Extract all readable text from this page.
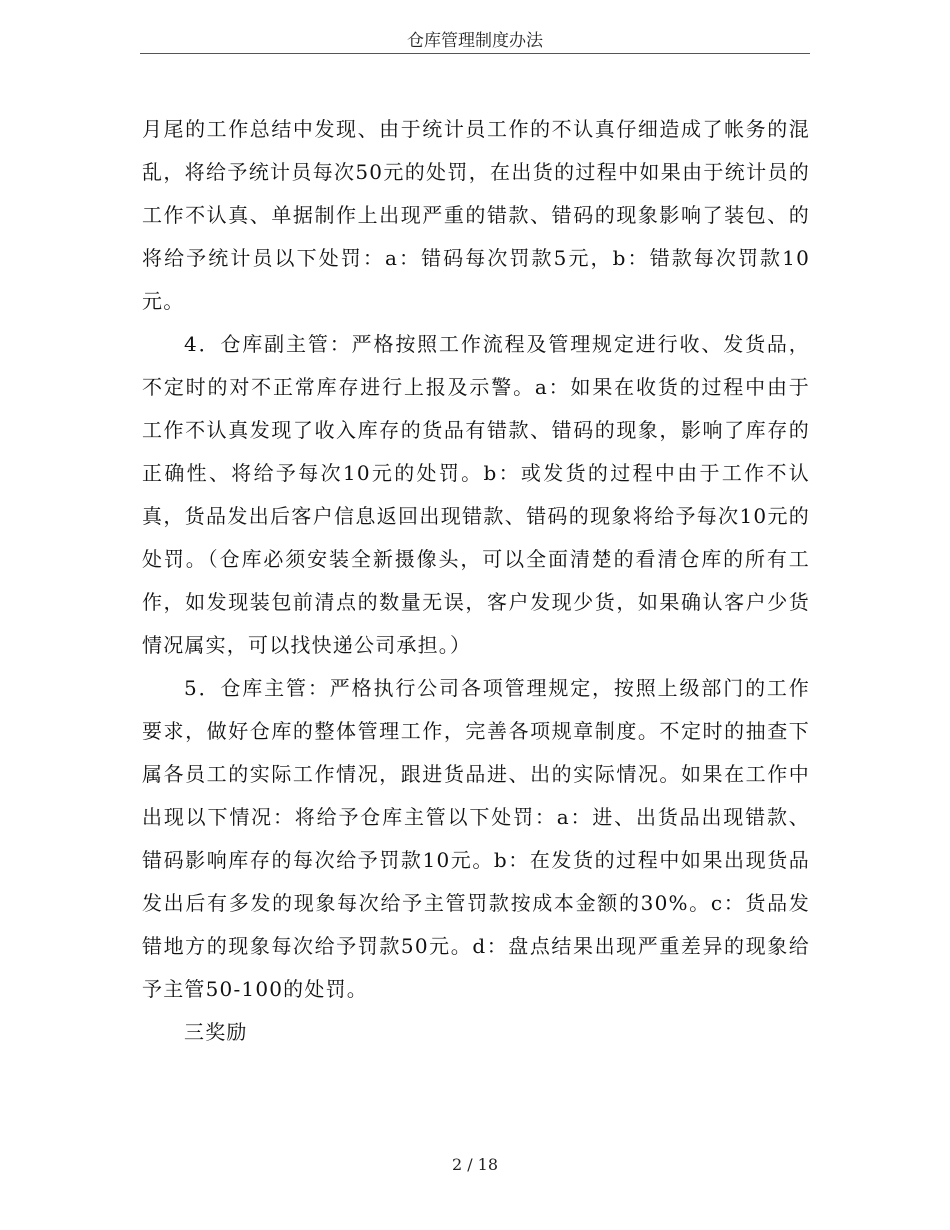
仓库管理制度办法

月尾的工作总结中发现、由于统计员工作的不认真仔细造成了帐务的混乱，将给予统计员每次50元的处罚，在出货的过程中如果由于统计员的工作不认真、单据制作上出现严重的错款、错码的现象影响了装包、的将给予统计员以下处罚：a：错码每次罚款5元，b：错款每次罚款10元。

4．仓库副主管：严格按照工作流程及管理规定进行收、发货品，不定时的对不正常库存进行上报及示警。a：如果在收货的过程中由于工作不认真发现了收入库存的货品有错款、错码的现象，影响了库存的正确性、将给予每次10元的处罚。b：或发货的过程中由于工作不认真，货品发出后客户信息返回出现错款、错码的现象将给予每次10元的处罚。（仓库必须安装全新摄像头，可以全面清楚的看清仓库的所有工作，如发现装包前清点的数量无误，客户发现少货，如果确认客户少货情况属实，可以找快递公司承担。）

5．仓库主管：严格执行公司各项管理规定，按照上级部门的工作要求，做好仓库的整体管理工作，完善各项规章制度。不定时的抽查下属各员工的实际工作情况，跟进货品进、出的实际情况。如果在工作中出现以下情况：将给予仓库主管以下处罚：a：进、出货品出现错款、错码影响库存的每次给予罚款10元。b：在发货的过程中如果出现货品发出后有多发的现象每次给予主管罚款按成本金额的30%。c：货品发错地方的现象每次给予罚款50元。d：盘点结果出现严重差异的现象给予主管50-100的处罚。

三奖励

2 / 18
